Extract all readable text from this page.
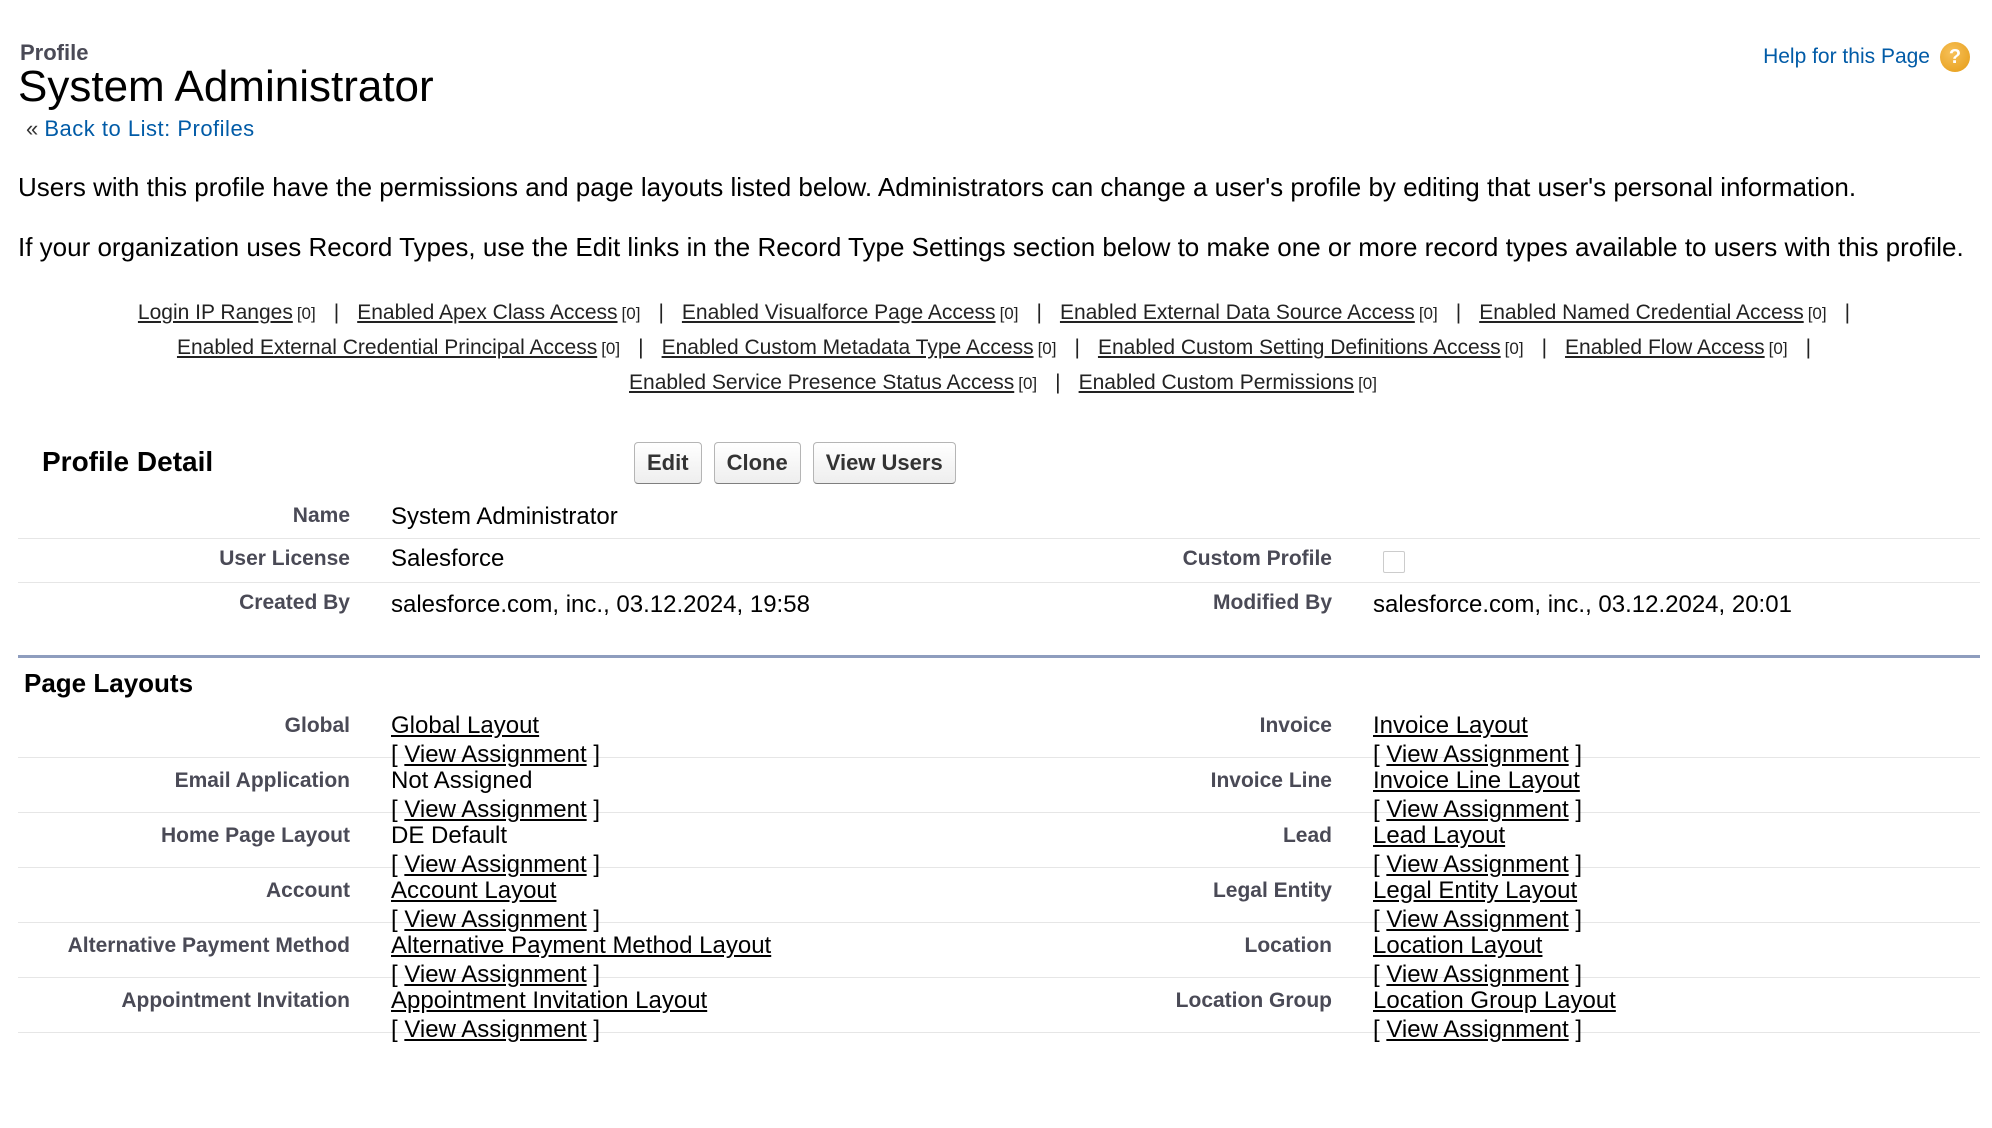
Profile
System Administrator
« Back to List: Profiles
Help for this Page ?

Users with this profile have the permissions and page layouts listed below. Administrators can change a user's profile by editing that user's personal information.

If your organization uses Record Types, use the Edit links in the Record Type Settings section below to make one or more record types available to users with this profile.

Login IP Ranges [0] | Enabled Apex Class Access [0] | Enabled Visualforce Page Access [0] | Enabled External Data Source Access [0] | Enabled Named Credential Access [0] |
Enabled External Credential Principal Access [0] | Enabled Custom Metadata Type Access [0] | Enabled Custom Setting Definitions Access [0] | Enabled Flow Access [0] |
Enabled Service Presence Status Access [0] | Enabled Custom Permissions [0]
Profile Detail	Edit	Clone	View Users
Name System Administrator
User License Salesforce	Custom Profile
Created By salesforce.com, inc., 03.12.2024, 19:58	Modified By salesforce.com, inc., 03.12.2024, 20:01
Page Layouts
Global Global Layout
[ View Assignment ]
Invoice Invoice Layout
[ View Assignment ]
Email Application Not Assigned
[ View Assignment ]
Invoice Line Invoice Line Layout
[ View Assignment ]
Home Page Layout DE Default
[ View Assignment ]
Lead Lead Layout
[ View Assignment ]
Account Account Layout
[ View Assignment ]
Legal Entity Legal Entity Layout
[ View Assignment ]
Alternative Payment Method Alternative Payment Method Layout
[ View Assignment ]
Location Location Layout
[ View Assignment ]
Appointment Invitation Appointment Invitation Layout
[ View Assignment ]
Location Group Location Group Layout
[ View Assignment ]
